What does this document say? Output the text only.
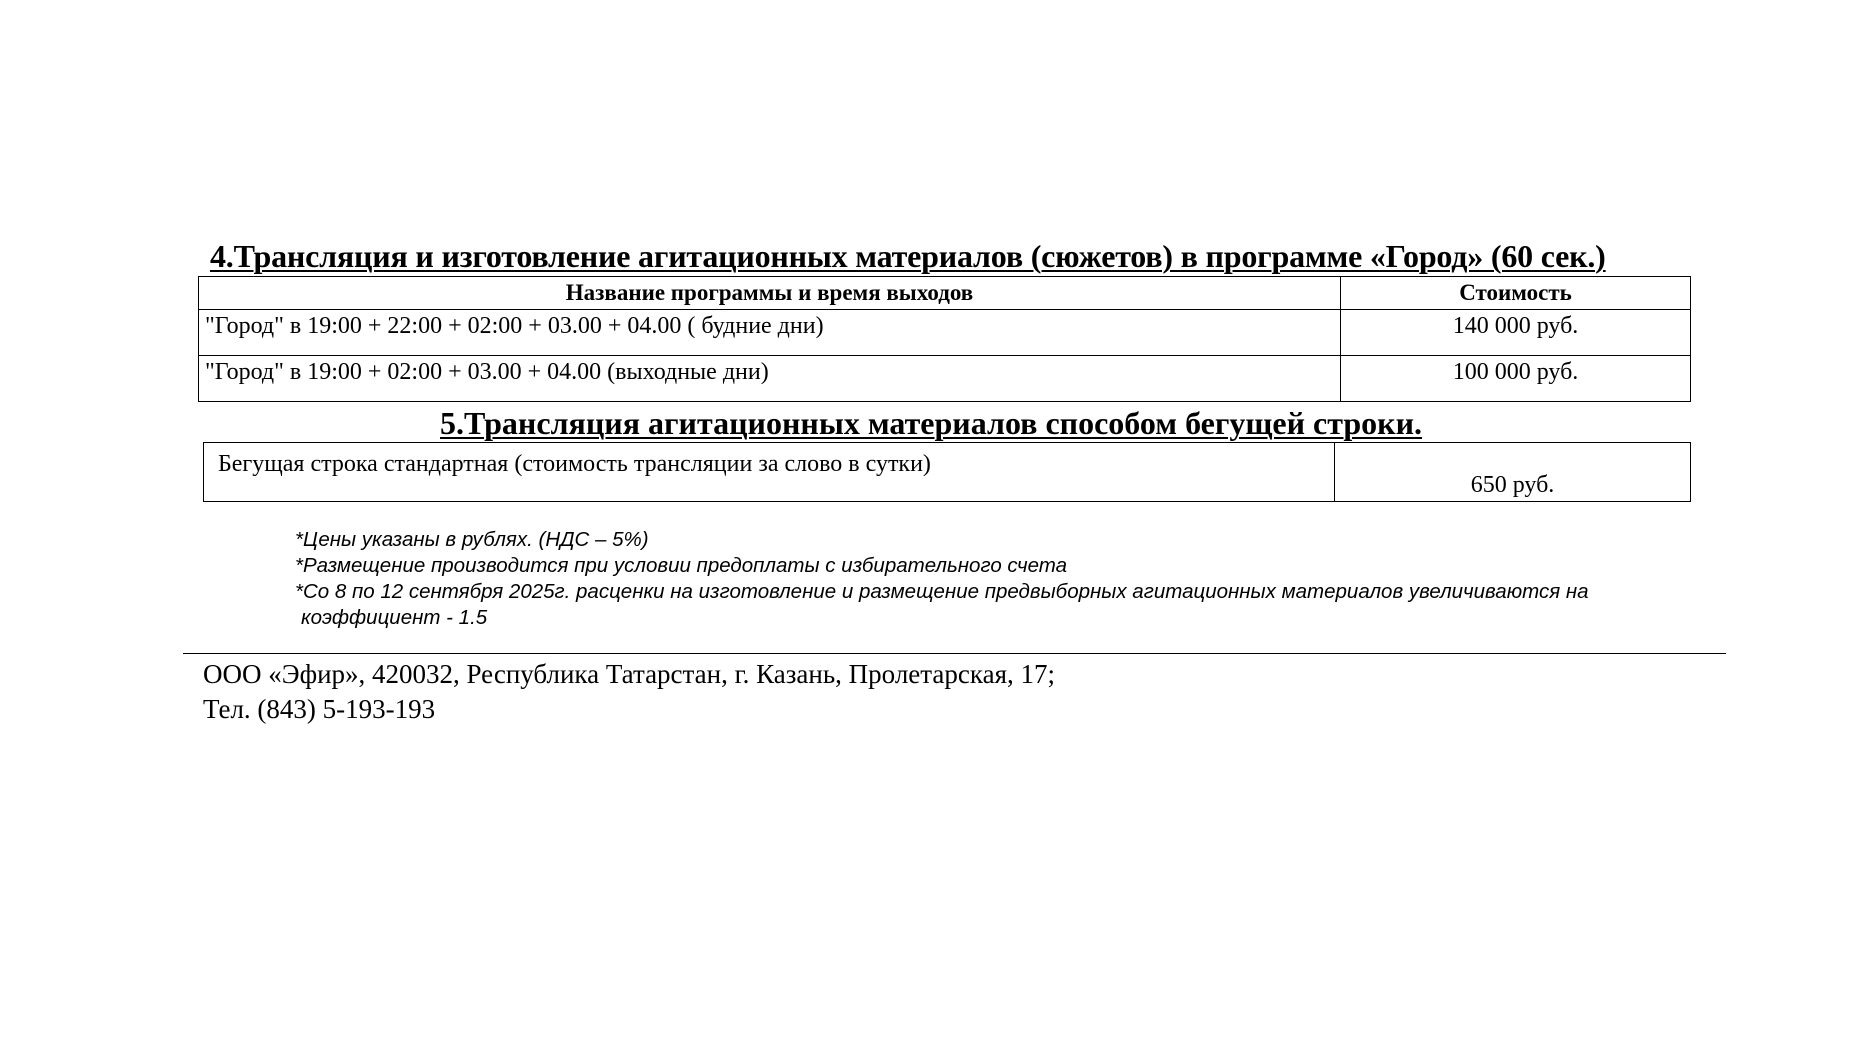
4.Трансляция и изготовление агитационных материалов (сюжетов) в программе «Город» (60 сек.)
Название программы и время выходов	Стоимость
"Город" в 19:00 + 22:00 + 02:00 + 03.00 + 04.00 ( будние дни)	140 000 руб.
"Город" в 19:00 + 02:00 + 03.00 + 04.00 (выходные дни)	100 000 руб.
5.Трансляция агитационных материалов способом бегущей строки.
Бегущая строка стандартная (стоимость трансляции за слово в сутки)	650 руб.
*Цены указаны в рублях. (НДС – 5%)
*Размещение производится при условии предоплаты с избирательного счета
*Со 8 по 12 сентября 2025г. расценки на изготовление и размещение предвыборных агитационных материалов увеличиваются на
коэффициент - 1.5
ООО «Эфир», 420032, Республика Татарстан, г. Казань, Пролетарская, 17;
Тел. (843) 5-193-193
